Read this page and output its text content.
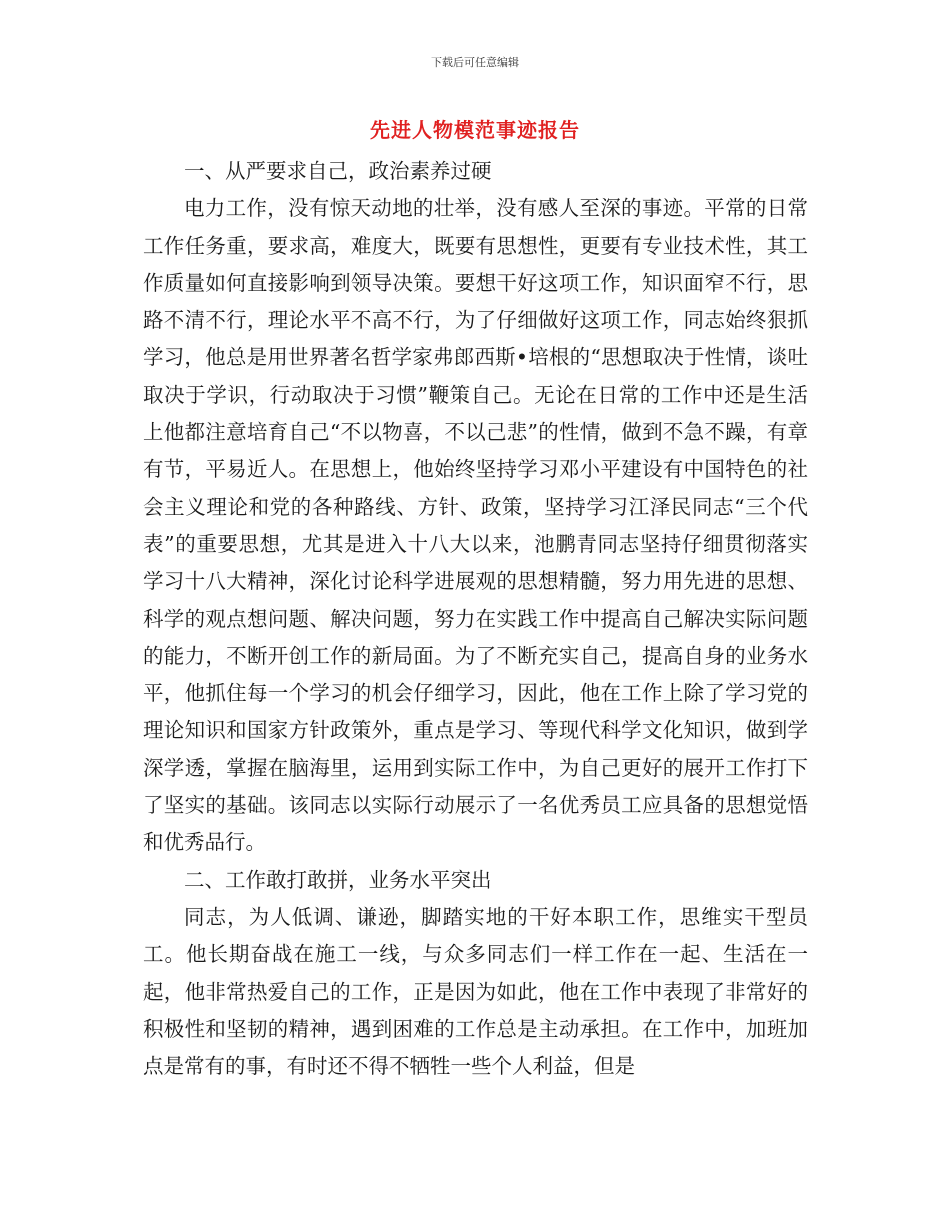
下载后可任意编辑
先进人物模范事迹报告

一、从严要求自己，政治素养过硬

电力工作，没有惊天动地的壮举，没有感人至深的事迹。平常的日常工作任务重，要求高，难度大，既要有思想性，更要有专业技术性，其工作质量如何直接影响到领导决策。要想干好这项工作，知识面窄不行，思路不清不行，理论水平不高不行，为了仔细做好这项工作，同志始终狠抓学习，他总是用世界著名哲学家弗郎西斯•培根的“思想取决于性情，谈吐取决于学识，行动取决于习惯”鞭策自己。无论在日常的工作中还是生活上他都注意培育自己“不以物喜，不以己悲”的性情，做到不急不躁，有章有节，平易近人。在思想上，他始终坚持学习邓小平建设有中国特色的社会主义理论和党的各种路线、方针、政策，坚持学习江泽民同志“三个代表”的重要思想，尤其是进入十八大以来，池鹏青同志坚持仔细贯彻落实学习十八大精神，深化讨论科学进展观的思想精髓，努力用先进的思想、科学的观点想问题、解决问题，努力在实践工作中提高自己解决实际问题的能力，不断开创工作的新局面。为了不断充实自己，提高自身的业务水平，他抓住每一个学习的机会仔细学习，因此，他在工作上除了学习党的理论知识和国家方针政策外，重点是学习、等现代科学文化知识，做到学深学透，掌握在脑海里，运用到实际工作中，为自己更好的展开工作打下了坚实的基础。该同志以实际行动展示了一名优秀员工应具备的思想觉悟和优秀品行。

二、工作敢打敢拼，业务水平突出

同志，为人低调、谦逊，脚踏实地的干好本职工作，思维实干型员工。他长期奋战在施工一线，与众多同志们一样工作在一起、生活在一起，他非常热爱自己的工作，正是因为如此，他在工作中表现了非常好的积极性和坚韧的精神，遇到困难的工作总是主动承担。在工作中，加班加点是常有的事，有时还不得不牺牲一些个人利益，但是
